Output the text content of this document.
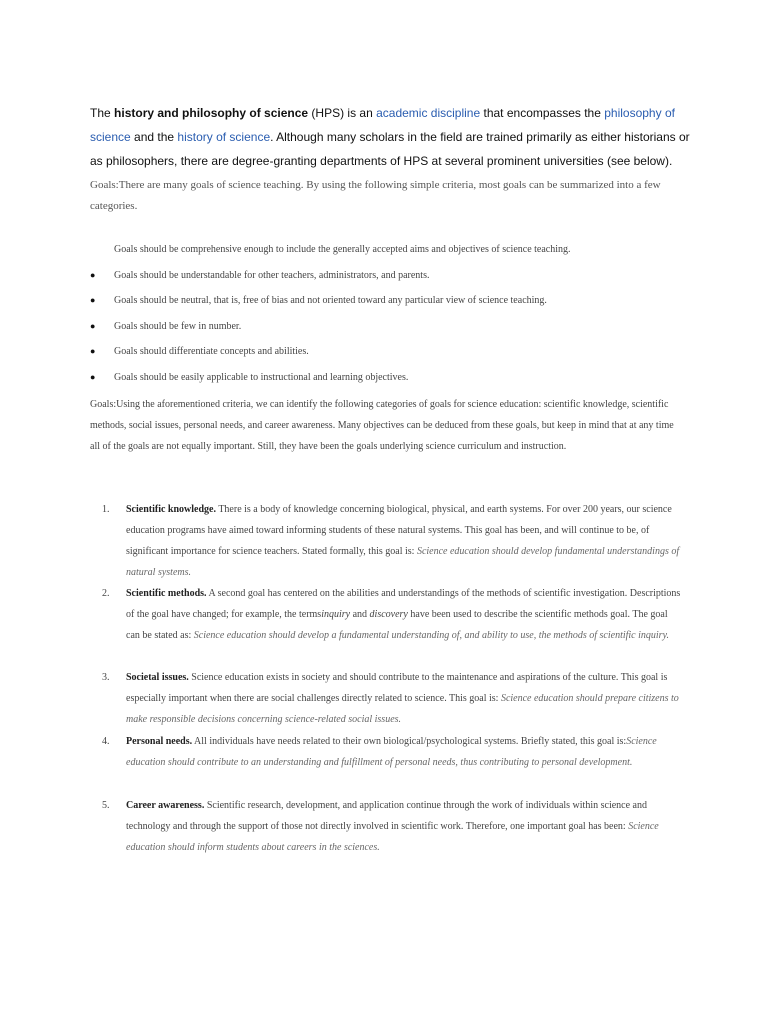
The history and philosophy of science (HPS) is an academic discipline that encompasses the philosophy of science and the history of science. Although many scholars in the field are trained primarily as either historians or as philosophers, there are degree-granting departments of HPS at several prominent universities (see below).
Goals:There are many goals of science teaching. By using the following simple criteria, most goals can be summarized into a few categories.
Goals should be comprehensive enough to include the generally accepted aims and objectives of science teaching.
● Goals should be understandable for other teachers, administrators, and parents.
● Goals should be neutral, that is, free of bias and not oriented toward any particular view of science teaching.
● Goals should be few in number.
● Goals should differentiate concepts and abilities.
● Goals should be easily applicable to instructional and learning objectives.
Goals:Using the aforementioned criteria, we can identify the following categories of goals for science education: scientific knowledge, scientific methods, social issues, personal needs, and career awareness. Many objectives can be deduced from these goals, but keep in mind that at any time all of the goals are not equally important. Still, they have been the goals underlying science curriculum and instruction.
1. Scientific knowledge. There is a body of knowledge concerning biological, physical, and earth systems. For over 200 years, our science education programs have aimed toward informing students of these natural systems. This goal has been, and will continue to be, of significant importance for science teachers. Stated formally, this goal is: Science education should develop fundamental understandings of natural systems.
2. Scientific methods. A second goal has centered on the abilities and understandings of the methods of scientific investigation. Descriptions of the goal have changed; for example, the termsinquiry and discovery have been used to describe the scientific methods goal. The goal can be stated as: Science education should develop a fundamental understanding of, and ability to use, the methods of scientific inquiry.
3. Societal issues. Science education exists in society and should contribute to the maintenance and aspirations of the culture. This goal is especially important when there are social challenges directly related to science. This goal is: Science education should prepare citizens to make responsible decisions concerning science-related social issues.
4. Personal needs. All individuals have needs related to their own biological/psychological systems. Briefly stated, this goal is:Science education should contribute to an understanding and fulfillment of personal needs, thus contributing to personal development.
5. Career awareness. Scientific research, development, and application continue through the work of individuals within science and technology and through the support of those not directly involved in scientific work. Therefore, one important goal has been: Science education should inform students about careers in the sciences.
